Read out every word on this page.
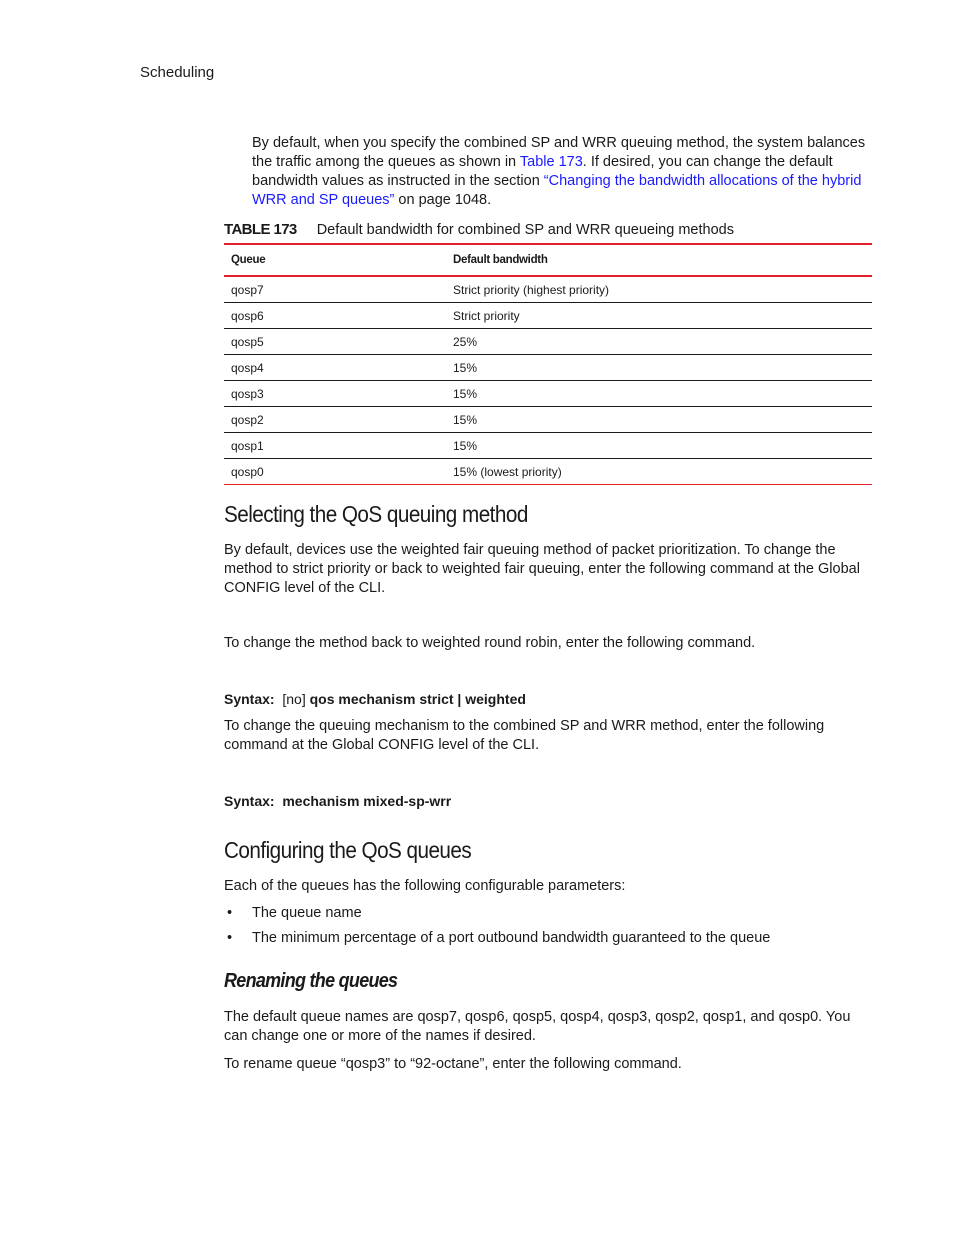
Scheduling
By default, when you specify the combined SP and WRR queuing method, the system balances the traffic among the queues as shown in Table 173. If desired, you can change the default bandwidth values as instructed in the section “Changing the bandwidth allocations of the hybrid WRR and SP queues” on page 1048.
TABLE 173 Default bandwidth for combined SP and WRR queueing methods
Queue	Default bandwidth
qosp7	Strict priority (highest priority)
qosp6	Strict priority
qosp5	25%
qosp4	15%
qosp3	15%
qosp2	15%
qosp1	15%
qosp0	15% (lowest priority)
Selecting the QoS queuing method
By default, devices use the weighted fair queuing method of packet prioritization. To change the method to strict priority or back to weighted fair queuing, enter the following command at the Global CONFIG level of the CLI.
To change the method back to weighted round robin, enter the following command.
Syntax: [no] qos mechanism strict | weighted
To change the queuing mechanism to the combined SP and WRR method, enter the following command at the Global CONFIG level of the CLI.
Syntax: mechanism mixed-sp-wrr
Configuring the QoS queues
Each of the queues has the following configurable parameters:
• The queue name
• The minimum percentage of a port outbound bandwidth guaranteed to the queue
Renaming the queues
The default queue names are qosp7, qosp6, qosp5, qosp4, qosp3, qosp2, qosp1, and qosp0. You can change one or more of the names if desired.
To rename queue “qosp3” to “92-octane”, enter the following command.
